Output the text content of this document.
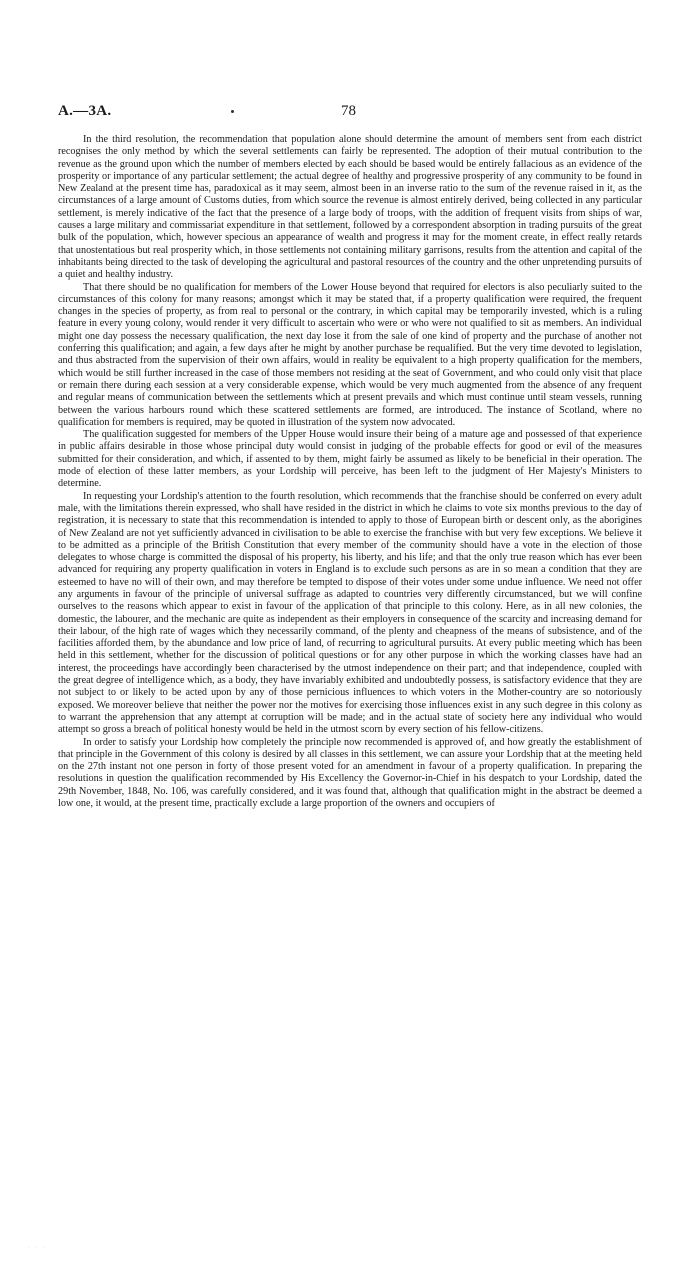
A.—3A.	78

In the third resolution, the recommendation that population alone should determine the amount of members sent from each district recognises the only method by which the several settlements can fairly be represented. The adoption of their mutual contribution to the revenue as the ground upon which the number of members elected by each should be based would be entirely fallacious as an evidence of the prosperity or importance of any particular settlement; the actual degree of healthy and progressive prosperity of any community to be found in New Zealand at the present time has, paradoxical as it may seem, almost been in an inverse ratio to the sum of the revenue raised in it, as the circumstances of a large amount of Customs duties, from which source the revenue is almost entirely derived, being collected in any particular settlement, is merely indicative of the fact that the presence of a large body of troops, with the addition of frequent visits from ships of war, causes a large military and commissariat expenditure in that settlement, followed by a correspondent absorption in trading pursuits of the great bulk of the population, which, however specious an appearance of wealth and progress it may for the moment create, in effect really retards that unostentatious but real prosperity which, in those settlements not containing military garrisons, results from the attention and capital of the inhabitants being directed to the task of developing the agricultural and pastoral resources of the country and the other unpretending pursuits of a quiet and healthy industry.

That there should be no qualification for members of the Lower House beyond that required for electors is also peculiarly suited to the circumstances of this colony for many reasons; amongst which it may be stated that, if a property qualification were required, the frequent changes in the species of property, as from real to personal or the contrary, in which capital may be temporarily invested, which is a ruling feature in every young colony, would render it very difficult to ascertain who were or who were not qualified to sit as members. An individual might one day possess the necessary qualification, the next day lose it from the sale of one kind of property and the purchase of another not conferring this qualification; and again, a few days after he might by another purchase be requalified. But the very time devoted to legislation, and thus abstracted from the supervision of their own affairs, would in reality be equivalent to a high property qualification for the members, which would be still further increased in the case of those members not residing at the seat of Government, and who could only visit that place or remain there during each session at a very considerable expense, which would be very much augmented from the absence of any frequent and regular means of communication between the settlements which at present prevails and which must continue until steam vessels, running between the various harbours round which these scattered settlements are formed, are introduced. The instance of Scotland, where no qualification for members is required, may be quoted in illustration of the system now advocated.

The qualification suggested for members of the Upper House would insure their being of a mature age and possessed of that experience in public affairs desirable in those whose principal duty would consist in judging of the probable effects for good or evil of the measures submitted for their consideration, and which, if assented to by them, might fairly be assumed as likely to be beneficial in their operation. The mode of election of these latter members, as your Lordship will perceive, has been left to the judgment of Her Majesty's Ministers to determine.

In requesting your Lordship's attention to the fourth resolution, which recommends that the franchise should be conferred on every adult male, with the limitations therein expressed, who shall have resided in the district in which he claims to vote six months previous to the day of registration, it is necessary to state that this recommendation is intended to apply to those of European birth or descent only, as the aborigines of New Zealand are not yet sufficiently advanced in civilisation to be able to exercise the franchise with but very few exceptions. We believe it to be admitted as a principle of the British Constitution that every member of the community should have a vote in the election of those delegates to whose charge is committed the disposal of his property, his liberty, and his life; and that the only true reason which has ever been advanced for requiring any property qualification in voters in England is to exclude such persons as are in so mean a condition that they are esteemed to have no will of their own, and may therefore be tempted to dispose of their votes under some undue influence. We need not offer any arguments in favour of the principle of universal suffrage as adapted to countries very differently circumstanced, but we will confine ourselves to the reasons which appear to exist in favour of the application of that principle to this colony. Here, as in all new colonies, the domestic, the labourer, and the mechanic are quite as independent as their employers in consequence of the scarcity and increasing demand for their labour, of the high rate of wages which they necessarily command, of the plenty and cheapness of the means of subsistence, and of the facilities afforded them, by the abundance and low price of land, of recurring to agricultural pursuits. At every public meeting which has been held in this settlement, whether for the discussion of political questions or for any other purpose in which the working classes have had an interest, the proceedings have accordingly been characterised by the utmost independence on their part; and that independence, coupled with the great degree of intelligence which, as a body, they have invariably exhibited and undoubtedly possess, is satisfactory evidence that they are not subject to or likely to be acted upon by any of those pernicious influences to which voters in the Mother-country are so notoriously exposed. We moreover believe that neither the power nor the motives for exercising those influences exist in any such degree in this colony as to warrant the apprehension that any attempt at corruption will be made; and in the actual state of society here any individual who would attempt so gross a breach of political honesty would be held in the utmost scorn by every section of his fellow-citizens.

In order to satisfy your Lordship how completely the principle now recommended is approved of, and how greatly the establishment of that principle in the Government of this colony is desired by all classes in this settlement, we can assure your Lordship that at the meeting held on the 27th instant not one person in forty of those present voted for an amendment in favour of a property qualification. In preparing the resolutions in question the qualification recommended by His Excellency the Governor-in-Chief in his despatch to your Lordship, dated the 29th November, 1848, No. 106, was carefully considered, and it was found that, although that qualification might in the abstract be deemed a low one, it would, at the present time, practically exclude a large proportion of the owners and occupiers of

· · ·
